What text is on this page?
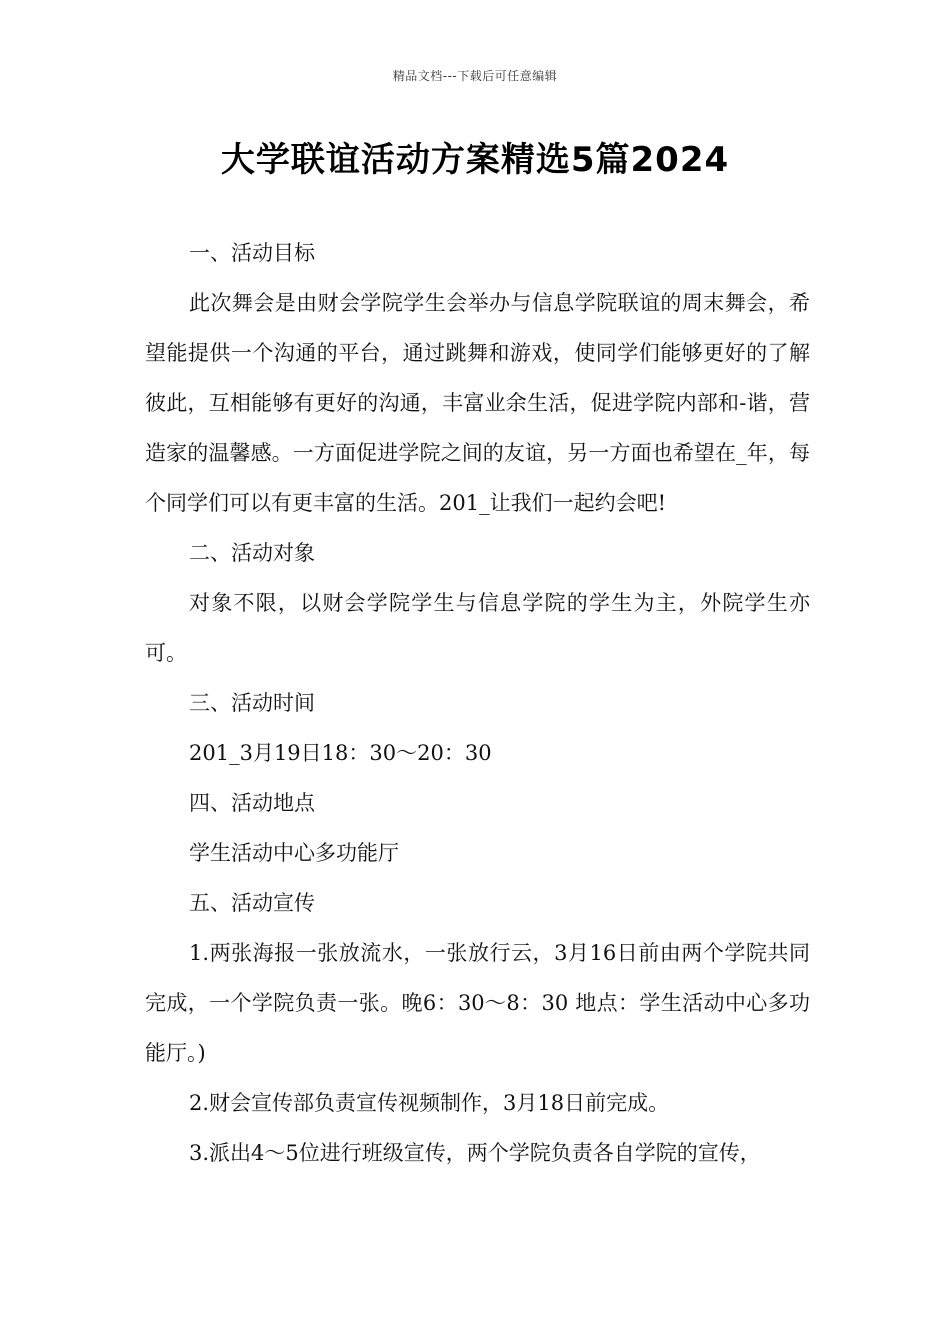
精品文档---下载后可任意编辑
大学联谊活动方案精选5篇2024

一、活动目标

此次舞会是由财会学院学生会举办与信息学院联谊的周末舞会，希望能提供一个沟通的平台，通过跳舞和游戏，使同学们能够更好的了解彼此，互相能够有更好的沟通，丰富业余生活，促进学院内部和-谐，营造家的温馨感。一方面促进学院之间的友谊，另一方面也希望在_年，每个同学们可以有更丰富的生活。201_让我们一起约会吧!

二、活动对象

对象不限，以财会学院学生与信息学院的学生为主，外院学生亦可。

三、活动时间

201_3月19日18：30～20：30

四、活动地点

学生活动中心多功能厅

五、活动宣传

1.两张海报一张放流水，一张放行云，3月16日前由两个学院共同完成，一个学院负责一张。晚6：30～8：30 地点：学生活动中心多功能厅。)

2.财会宣传部负责宣传视频制作，3月18日前完成。

3.派出4～5位进行班级宣传，两个学院负责各自学院的宣传，
